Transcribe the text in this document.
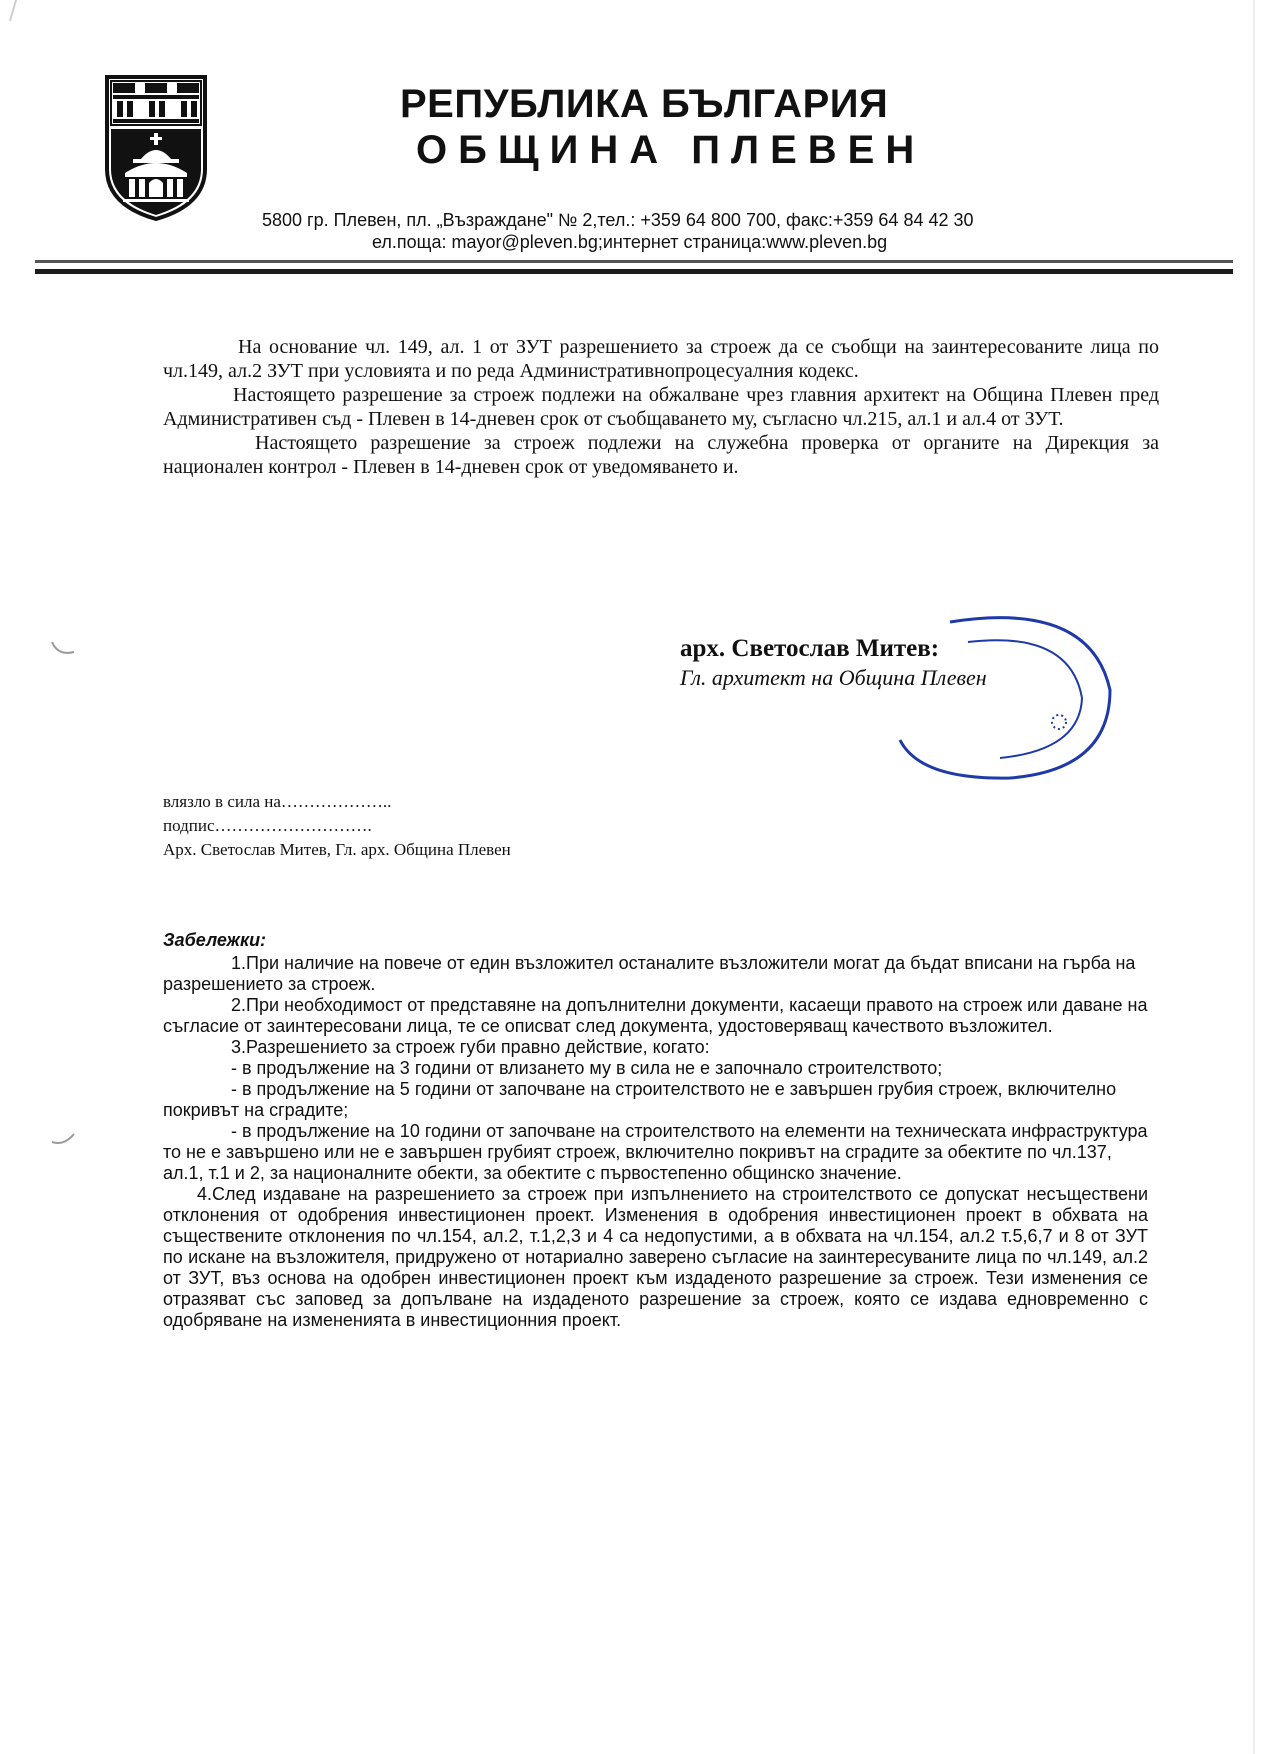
РЕПУБЛИКА БЪЛГАРИЯ
ОБЩИНА ПЛЕВЕН
5800 гр. Плевен, пл. „Възраждане" № 2,тел.: +359 64 800 700, факс:+359 64 84 42 30
ел.поща: mayor@pleven.bg;интернет страница:www.pleven.bg

На основание чл. 149, ал. 1 от ЗУТ разрешението за строеж да се съобщи на заинтересованите лица по чл.149, ал.2 ЗУТ при условията и по реда Административнопроцесуалния кодекс.

Настоящето разрешение за строеж подлежи на обжалване чрез главния архитект на Община Плевен пред Административен съд - Плевен в 14-дневен срок от съобщаването му, съгласно чл.215, ал.1 и ал.4 от ЗУТ.

Настоящето разрешение за строеж подлежи на служебна проверка от органите на Дирекция за национален контрол - Плевен в 14-дневен срок от уведомяването и.

арх. Светослав Митев:
Гл. архитект на Община Плевен
влязло в сила на………………..
подпис……………………….
Арх. Светослав Митев, Гл. арх. Община Плевен

Забележки:

1.При наличие на повече от един възложител останалите възложители могат да бъдат вписани на гърба на разрешението за строеж.

2.При необходимост от представяне на допълнителни документи, касаещи правото на строеж или даване на съгласие от заинтересовани лица, те се описват след документа, удостоверяващ качеството възложител.

3.Разрешението за строеж губи правно действие, когато:

- в продължение на 3 години от влизането му в сила не е започнало строителството;

- в продължение на 5 години от започване на строителството не е завършен грубия строеж, включително покривът на сградите;

- в продължение на 10 години от започване на строителството на елементи на техническата инфраструктура то не е завършено или не е завършен грубият строеж, включително покривът на сградите за обектите по чл.137, ал.1, т.1 и 2, за националните обекти, за обектите с първостепенно общинско значение.

4.След издаване на разрешението за строеж при изпълнението на строителството се допускат несъществени отклонения от одобрения инвестиционен проект. Изменения в одобрения инвестиционен проект в обхвата на съществените отклонения по чл.154, ал.2, т.1,2,3 и 4 са недопустими, а в обхвата на чл.154, ал.2 т.5,6,7 и 8 от ЗУТ по искане на възложителя, придружено от нотариално заверено съгласие на заинтересуваните лица по чл.149, ал.2 от ЗУТ, въз основа на одобрен инвестиционен проект към издаденото разрешение за строеж. Тези изменения се отразяват със заповед за допълване на издаденото разрешение за строеж, която се издава едновременно с одобряване на измененията в инвестиционния проект.
